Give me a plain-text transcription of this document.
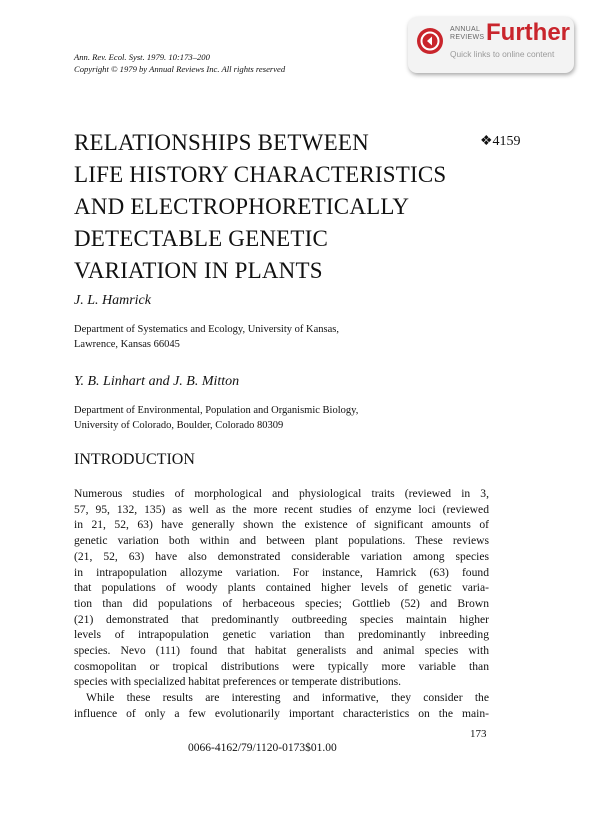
Ann. Rev. Ecol. Syst. 1979. 10:173–200
Copyright © 1979 by Annual Reviews Inc. All rights reserved
ANNUAL
REVIEWS Further
Quick links to online content
RELATIONSHIPS BETWEEN
LIFE HISTORY CHARACTERISTICS
AND ELECTROPHORETICALLY
DETECTABLE GENETIC
VARIATION IN PLANTS
❖4159
J. L. Hamrick
Department of Systematics and Ecology, University of Kansas,
Lawrence, Kansas 66045
Y. B. Linhart and J. B. Mitton
Department of Environmental, Population and Organismic Biology,
University of Colorado, Boulder, Colorado 80309
INTRODUCTION
Numerous studies of morphological and physiological traits (reviewed in 3,
57, 95, 132, 135) as well as the more recent studies of enzyme loci (reviewed
in 21, 52, 63) have generally shown the existence of significant amounts of
genetic variation both within and between plant populations. These reviews
(21, 52, 63) have also demonstrated considerable variation among species
in intrapopulation allozyme variation. For instance, Hamrick (63) found
that populations of woody plants contained higher levels of genetic varia-
tion than did populations of herbaceous species; Gottlieb (52) and Brown
(21) demonstrated that predominantly outbreeding species maintain higher
levels of intrapopulation genetic variation than predominantly inbreeding
species. Nevo (111) found that habitat generalists and animal species with
cosmopolitan or tropical distributions were typically more variable than
species with specialized habitat preferences or temperate distributions.
While these results are interesting and informative, they consider the
influence of only a few evolutionarily important characteristics on the main-
173
0066-4162/79/1120-0173$01.00
